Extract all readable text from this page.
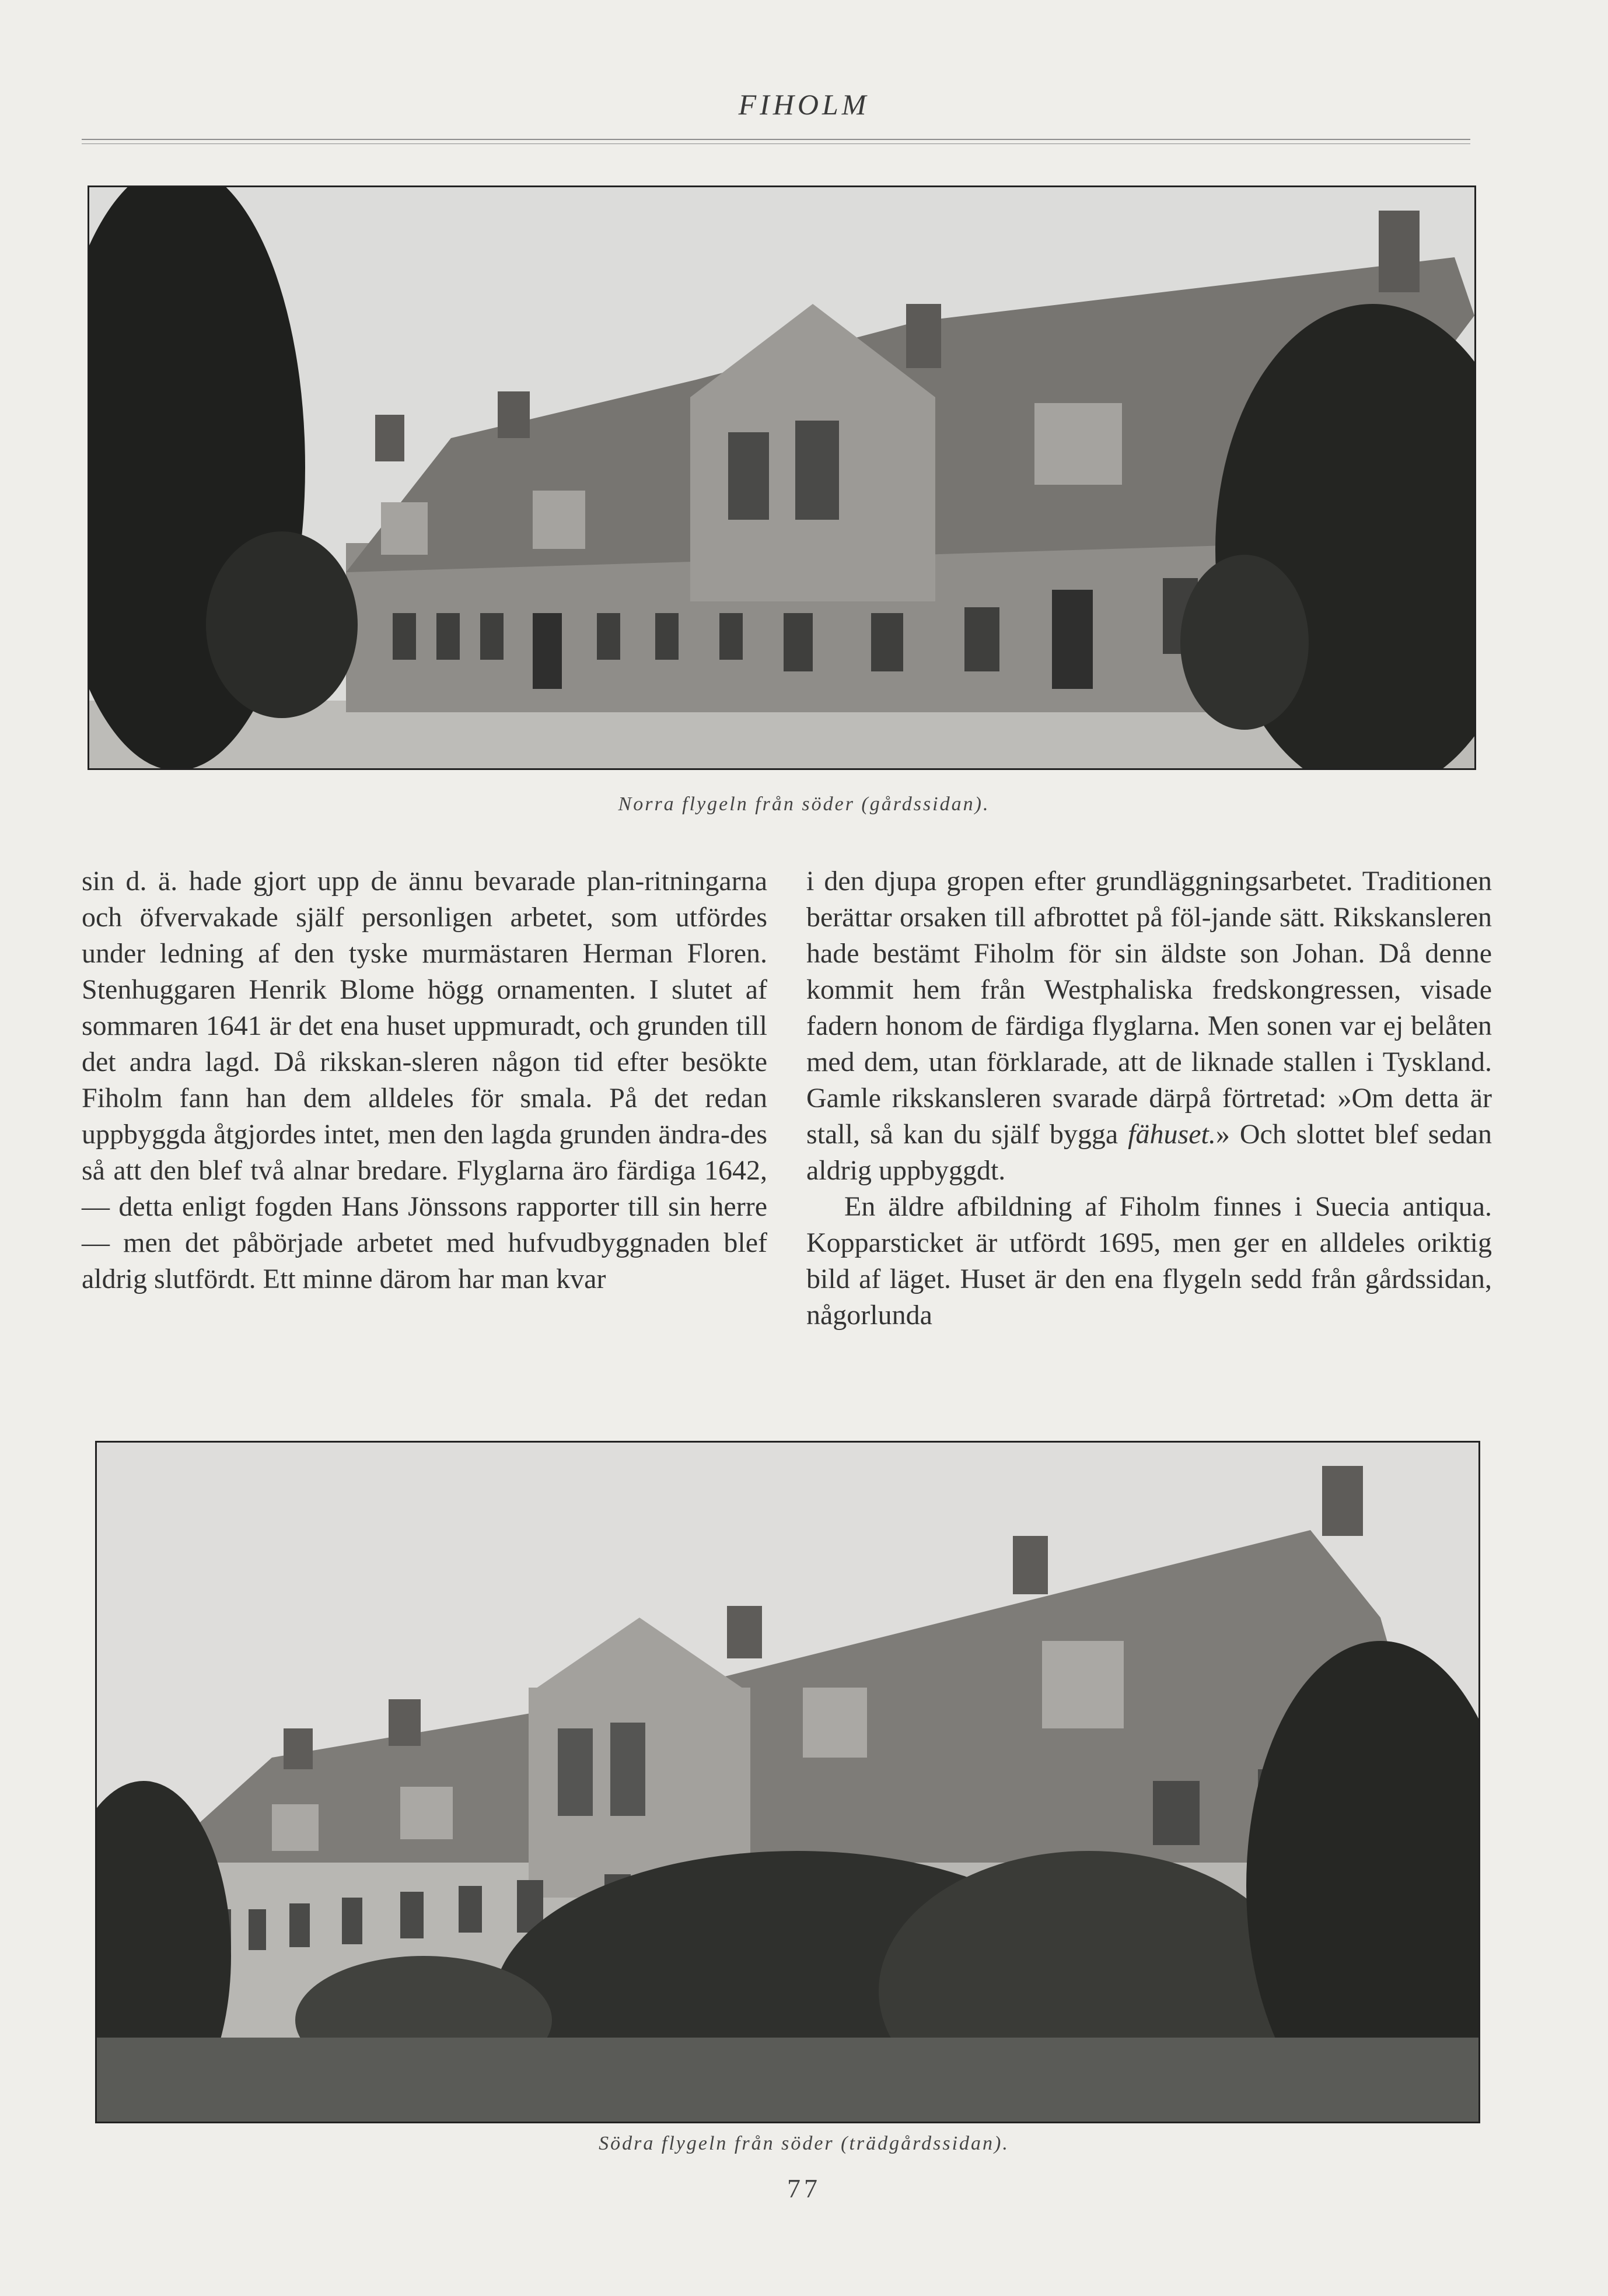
FIHOLM
Norra flygeln från söder (gårdssidan).

sin d. ä. hade gjort upp de ännu bevarade plan-ritningarna och öfvervakade själf personligen arbetet, som utfördes under ledning af den tyske murmästaren Herman Floren. Stenhuggaren Henrik Blome högg ornamenten. I slutet af sommaren 1641 är det ena huset uppmuradt, och grunden till det andra lagd. Då rikskan-sleren någon tid efter besökte Fiholm fann han dem alldeles för smala. På det redan uppbyggda åtgjordes intet, men den lagda grunden ändra-des så att den blef två alnar bredare. Flyglarna äro färdiga 1642, — detta enligt fogden Hans Jönssons rapporter till sin herre — men det påbörjade arbetet med hufvudbyggnaden blef aldrig slutfördt. Ett minne därom har man kvar

i den djupa gropen efter grundläggningsarbetet. Traditionen berättar orsaken till afbrottet på föl-jande sätt. Rikskansleren hade bestämt Fiholm för sin äldste son Johan. Då denne kommit hem från Westphaliska fredskongressen, visade fadern honom de färdiga flyglarna. Men sonen var ej belåten med dem, utan förklarade, att de liknade stallen i Tyskland. Gamle rikskansleren svarade därpå förtretad: »Om detta är stall, så kan du själf bygga fähuset.» Och slottet blef sedan aldrig uppbyggdt.

En äldre afbildning af Fiholm finnes i Suecia antiqua. Kopparsticket är utfördt 1695, men ger en alldeles oriktig bild af läget. Huset är den ena flygeln sedd från gårdssidan, någorlunda

Södra flygeln från söder (trädgårdssidan).
77
